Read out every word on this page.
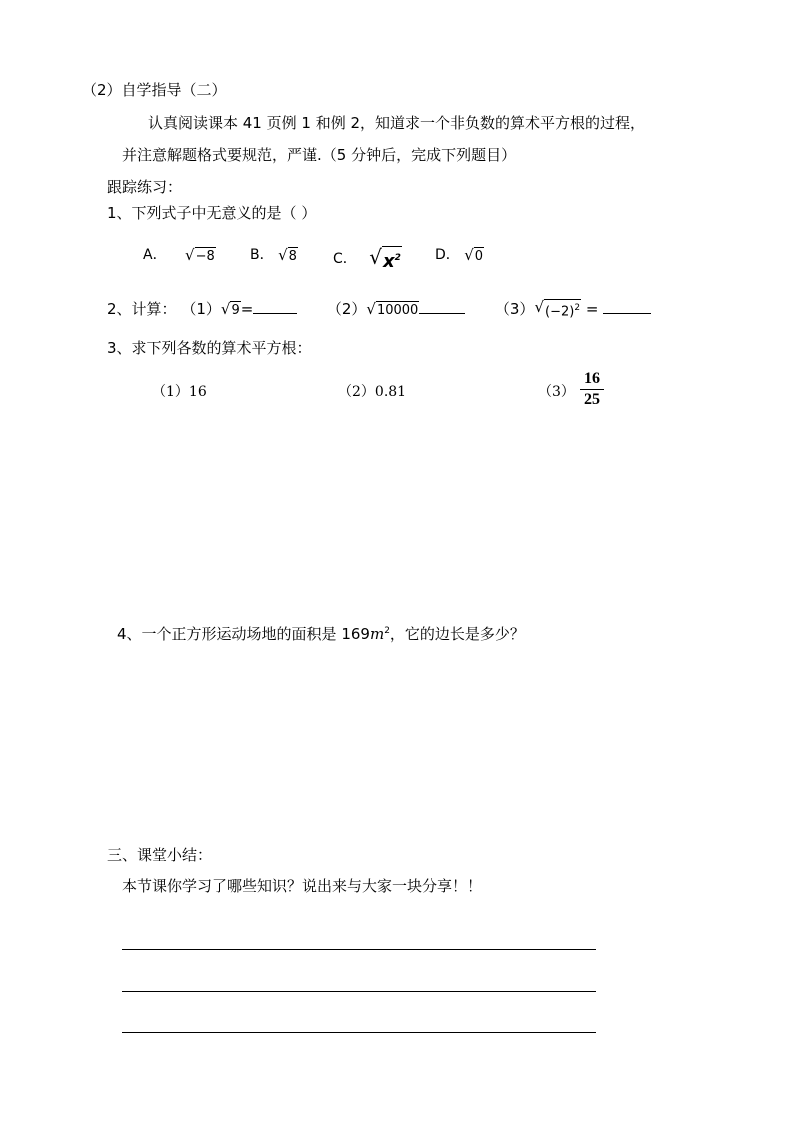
（2）自学指导（二）
认真阅读课本 41 页例 1 和例 2，知道求一个非负数的算术平方根的过程，
并注意解题格式要规范，严谨.（5 分钟后，完成下列题目）
跟踪练习：
1、下列式子中无意义的是（ ）
A． √ −8	B． √ 8	C． √ $x^2$ D． √ 0
2、计算： （1） √ 9 =	（2） √ 10000	（3） √ $(-2)^2$ =
3、求下列各数的算术平方根：
（1）16	（2）0.81	（3）
16
25
4、一个正方形运动场地的面积是 $169m^2$，它的边长是多少？
三、课堂小结：
本节课你学习了哪些知识？说出来与大家一块分享！！
